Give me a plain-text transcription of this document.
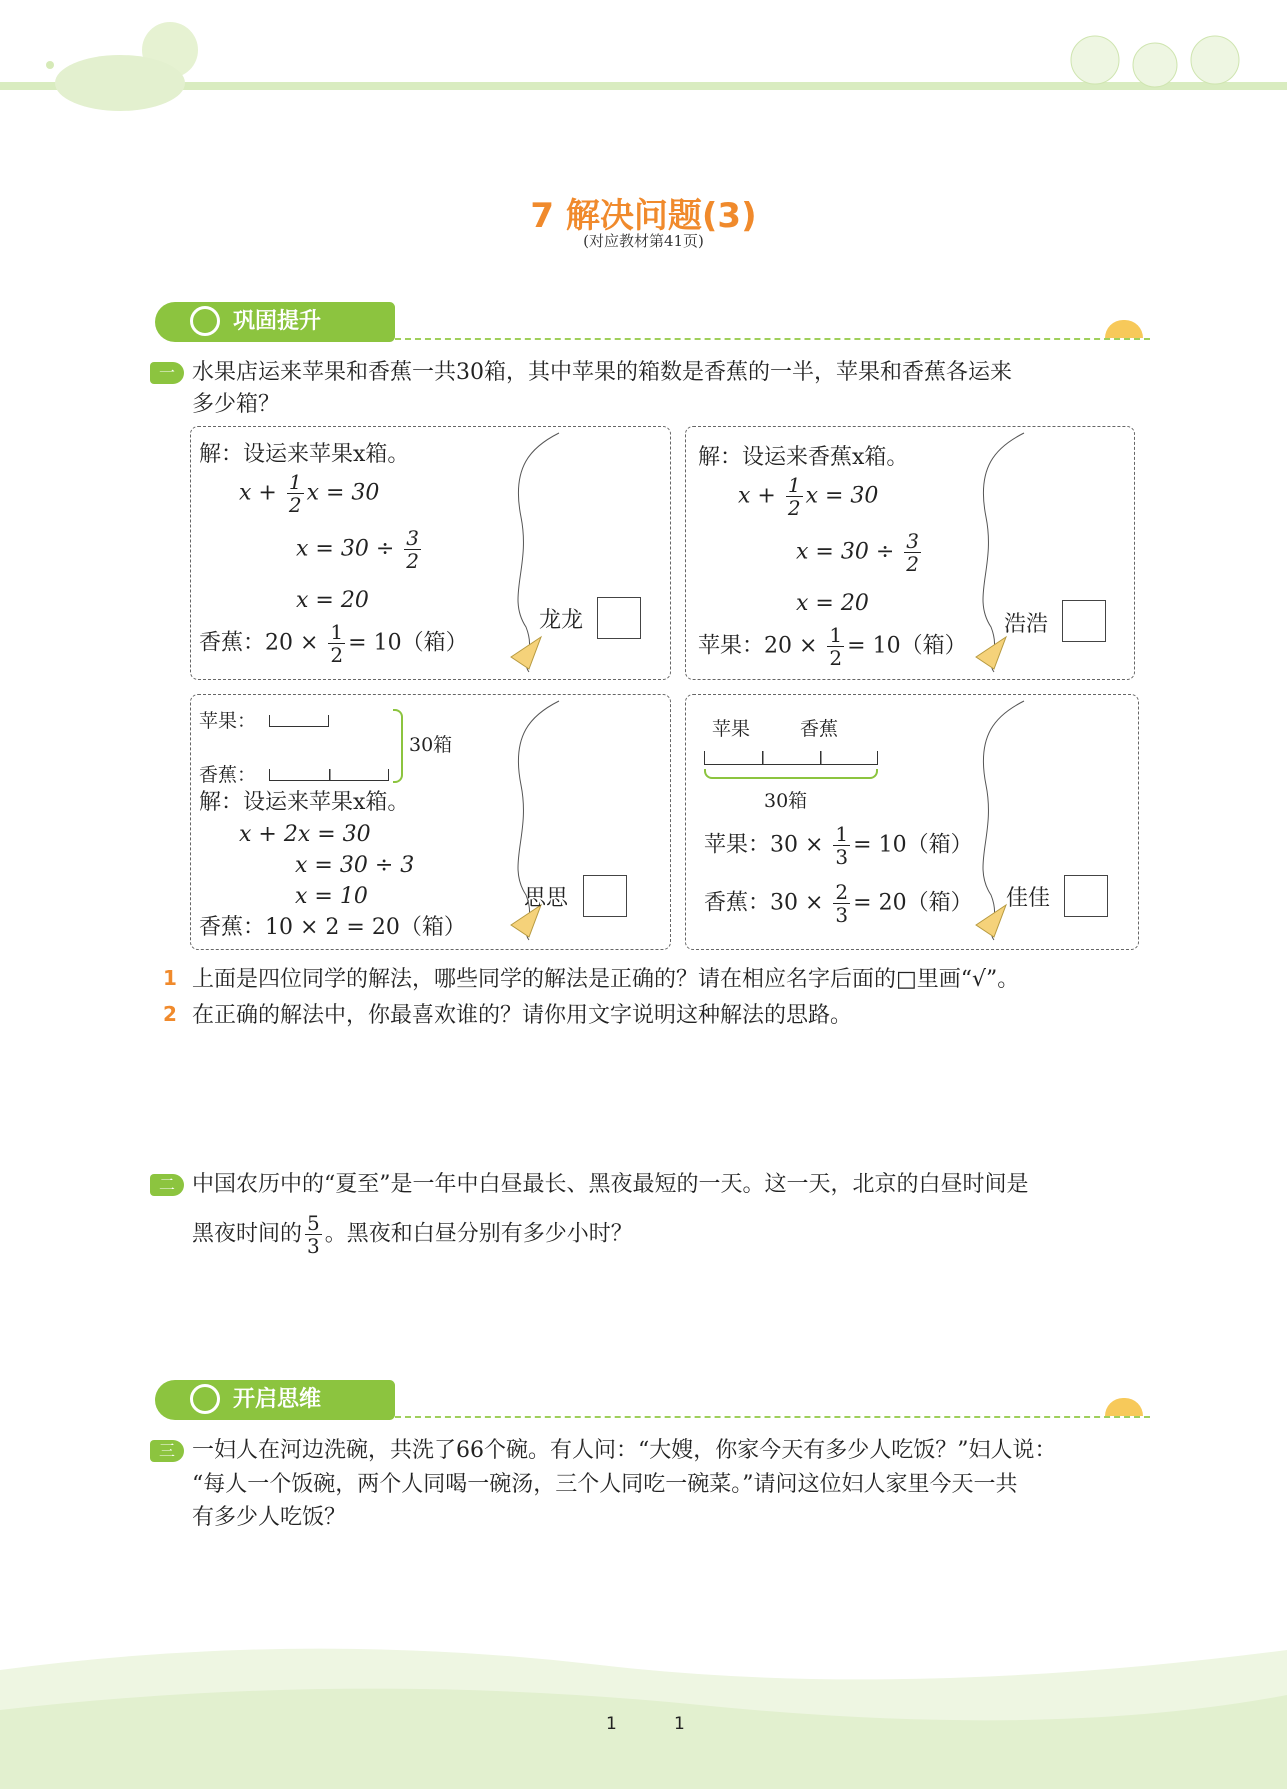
7 解决问题(3)
(对应教材第41页)
巩固提升
一 水果店运来苹果和香蕉一共30箱，其中苹果的箱数是香蕉的一半，苹果和香蕉各运来
多少箱？
解：设运来苹果x箱。
$x + \frac{1}{2}$ x = 30
$x = 30 \div \frac{3}{2}$
x = 20
香蕉：$20 \times \frac{1}{2} = 10$（箱）
龙龙
解：设运来香蕉x箱。
$x + \frac{1}{2}$ x = 30
$x = 30 \div \frac{3}{2}$
x = 20
苹果：$20 \times \frac{1}{2} = 10$（箱）
浩浩
苹果：
香蕉：
30箱
解：设运来苹果x箱。
x + 2x = 30
x = 30 ÷ 3
x = 10
香蕉：10 × 2 = 20（箱）
思思
苹果	香蕉
30箱
苹果：$30 \times \frac{1}{3} = 10$（箱）
香蕉：$30 \times \frac{2}{3} = 20$（箱） 佳佳
1 上面是四位同学的解法，哪些同学的解法是正确的？请在相应名字后面的□里画“√”。
2 在正确的解法中，你最喜欢谁的？请你用文字说明这种解法的思路。
二 中国农历中的“夏至”是一年中白昼最长、黑夜最短的一天。这一天，北京的白昼时间是
黑夜时间的 $\frac{5}{3}$ 。黑夜和白昼分别有多少小时？
开启思维
三 一妇人在河边洗碗，共洗了66个碗。有人问：“大嫂，你家今天有多少人吃饭？”妇人说：
“每人一个饭碗，两个人同喝一碗汤，三个人同吃一碗菜。”请问这位妇人家里今天一共
有多少人吃饭？
1	1
